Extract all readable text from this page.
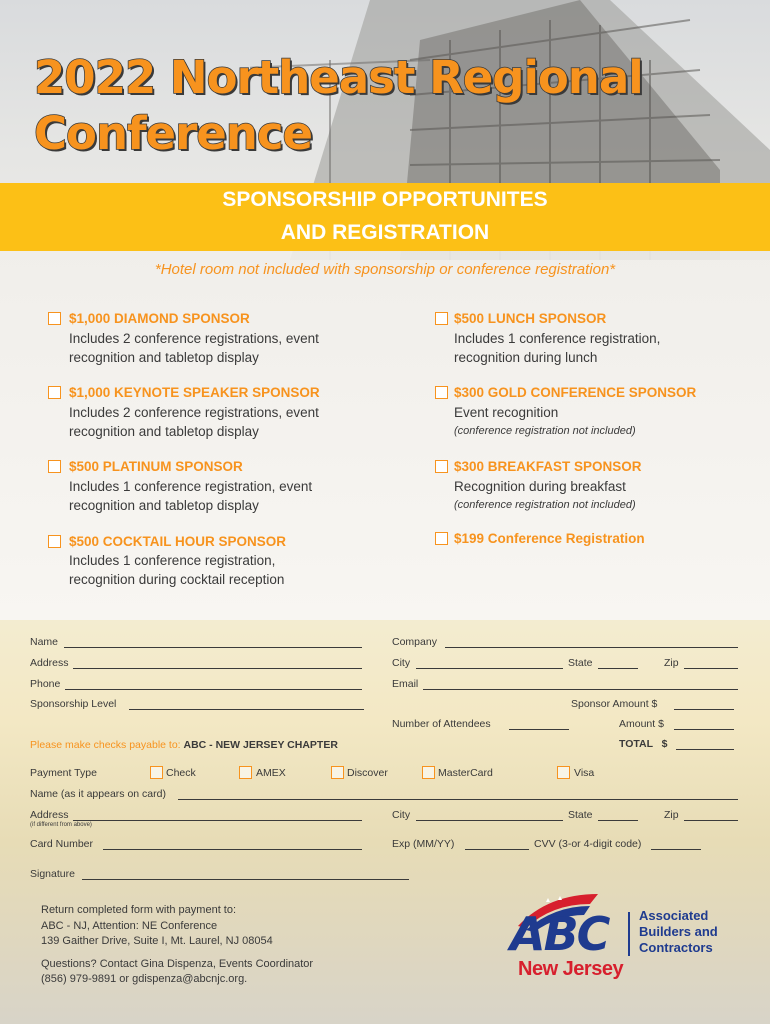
2022 Northeast Regional
Conference
SPONSORSHIP OPPORTUNITES
AND REGISTRATION
*Hotel room not included with sponsorship or conference registration*
$1,000 DIAMOND SPONSOR
Includes 2 conference registrations, event
recognition and tabletop display
$1,000 KEYNOTE SPEAKER SPONSOR
Includes 2 conference registrations, event
recognition and tabletop display
$500 PLATINUM SPONSOR
Includes 1 conference registration, event
recognition and tabletop display
$500 COCKTAIL HOUR SPONSOR
Includes 1 conference registration,
recognition during cocktail reception
$500 LUNCH SPONSOR
Includes 1 conference registration,
recognition during lunch
$300 GOLD CONFERENCE SPONSOR
Event recognition
(conference registration not included)
$300 BREAKFAST SPONSOR
Recognition during breakfast
(conference registration not included)
$199 Conference Registration
Name	Company
Address	City	State	Zip
Phone	Email
Sponsorship Level	Sponsor Amount $
Number of Attendees	Amount $
Please make checks payable to: ABC - NEW JERSEY CHAPTER	TOTAL   $
Payment Type	Check	AMEX	Discover	MasterCard	Visa
Name (as it appears on card)
Address
(if different from above)
City	State	Zip
Card Number	Exp (MM/YY)	CVV (3-or 4-digit code)
Signature
Return completed form with payment to:
ABC - NJ, Attention: NE Conference
139 Gaither Drive, Suite I, Mt. Laurel, NJ 08054
Questions? Contact Gina Dispenza, Events Coordinator
(856) 979-9891 or gdispenza@abcnjc.org.
ABC Associated
Builders and
Contractors
New Jersey
